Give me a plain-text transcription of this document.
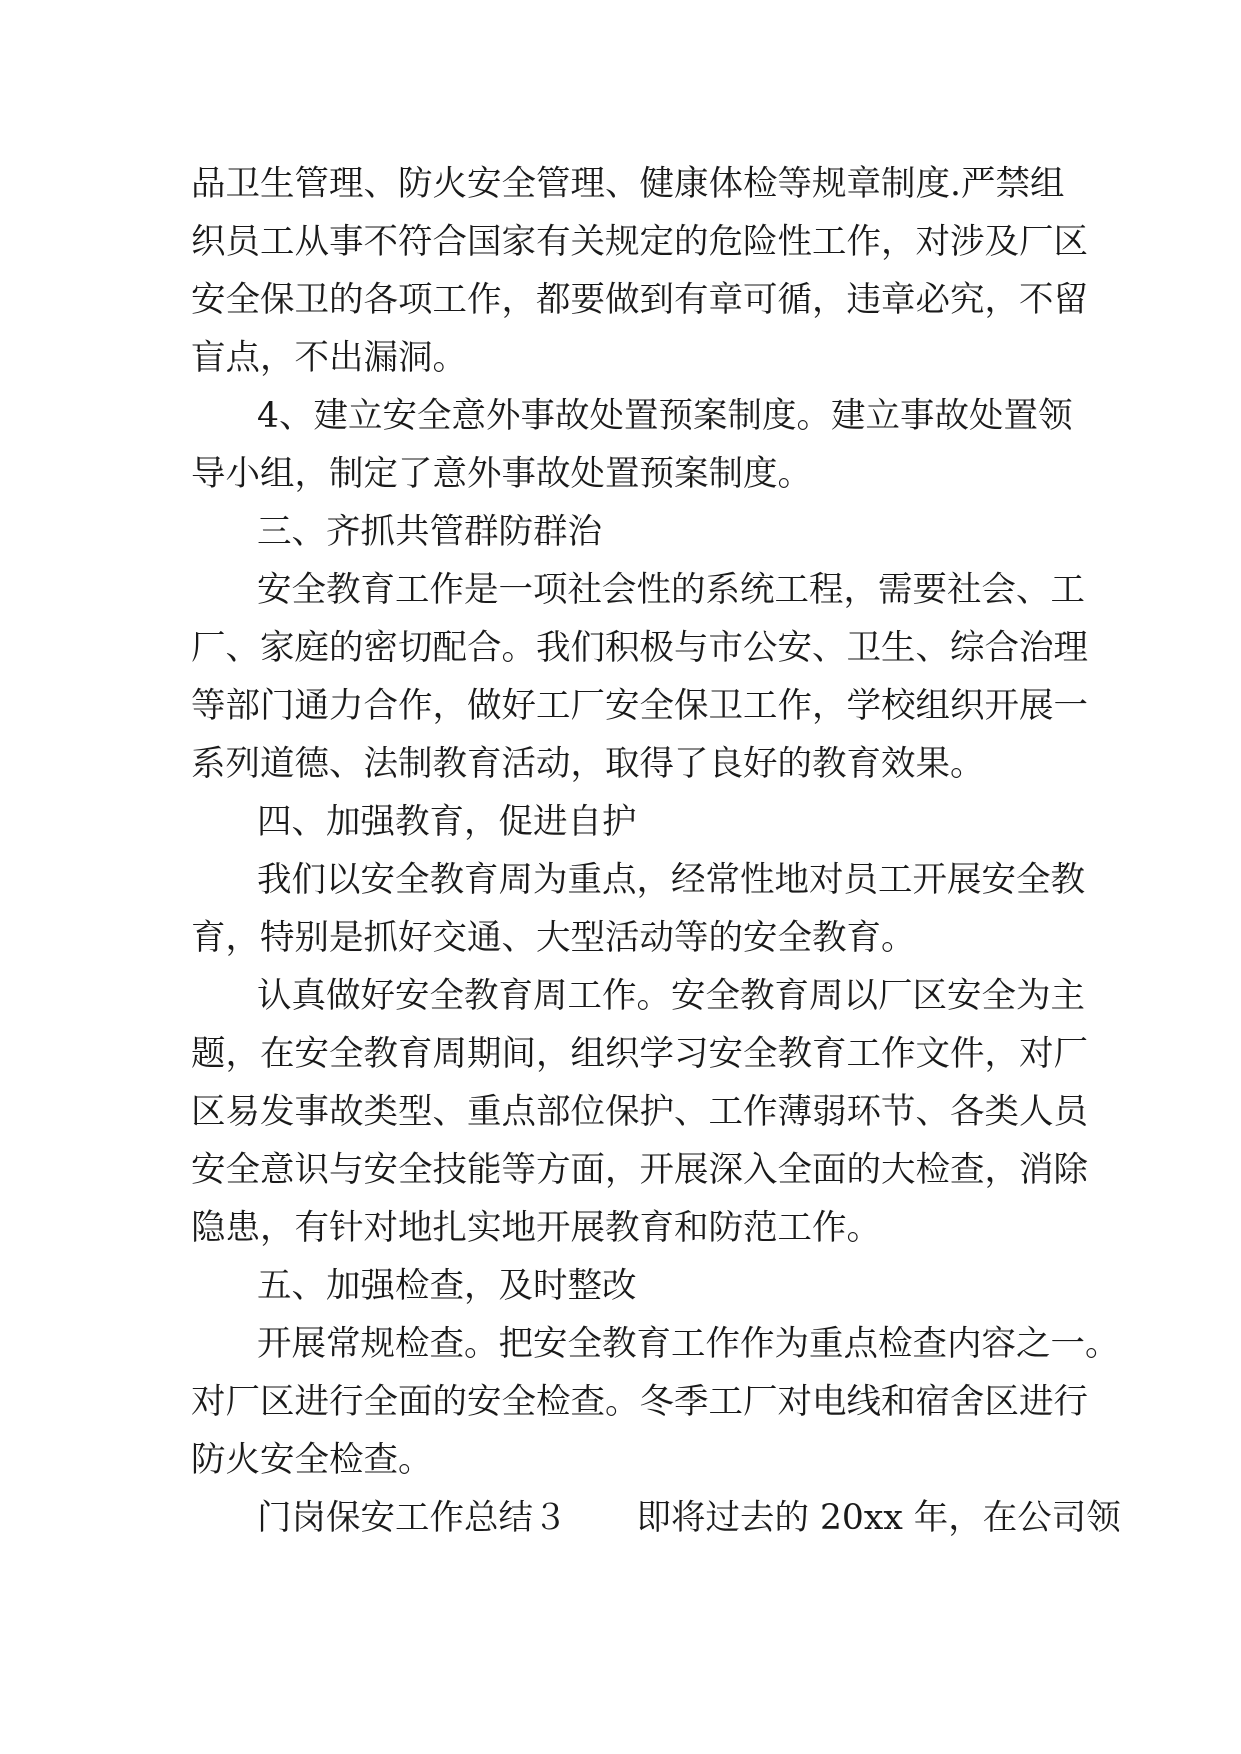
品卫生管理、防火安全管理、健康体检等规章制度.严禁组
织员工从事不符合国家有关规定的危险性工作，对涉及厂区
安全保卫的各项工作，都要做到有章可循，违章必究，不留
盲点，不出漏洞。
4、建立安全意外事故处置预案制度。建立事故处置领
导小组，制定了意外事故处置预案制度。
三、齐抓共管群防群治
安全教育工作是一项社会性的系统工程，需要社会、工
厂、家庭的密切配合。我们积极与市公安、卫生、综合治理
等部门通力合作，做好工厂安全保卫工作，学校组织开展一
系列道德、法制教育活动，取得了良好的教育效果。
四、加强教育，促进自护
我们以安全教育周为重点，经常性地对员工开展安全教
育，特别是抓好交通、大型活动等的安全教育。
认真做好安全教育周工作。安全教育周以厂区安全为主
题，在安全教育周期间，组织学习安全教育工作文件，对厂
区易发事故类型、重点部位保护、工作薄弱环节、各类人员
安全意识与安全技能等方面，开展深入全面的大检查，消除
隐患，有针对地扎实地开展教育和防范工作。
五、加强检查，及时整改
开展常规检查。把安全教育工作作为重点检查内容之一。
对厂区进行全面的安全检查。冬季工厂对电线和宿舍区进行
防火安全检查。
门岗保安工作总结３　　即将过去的 20xx 年，在公司领
